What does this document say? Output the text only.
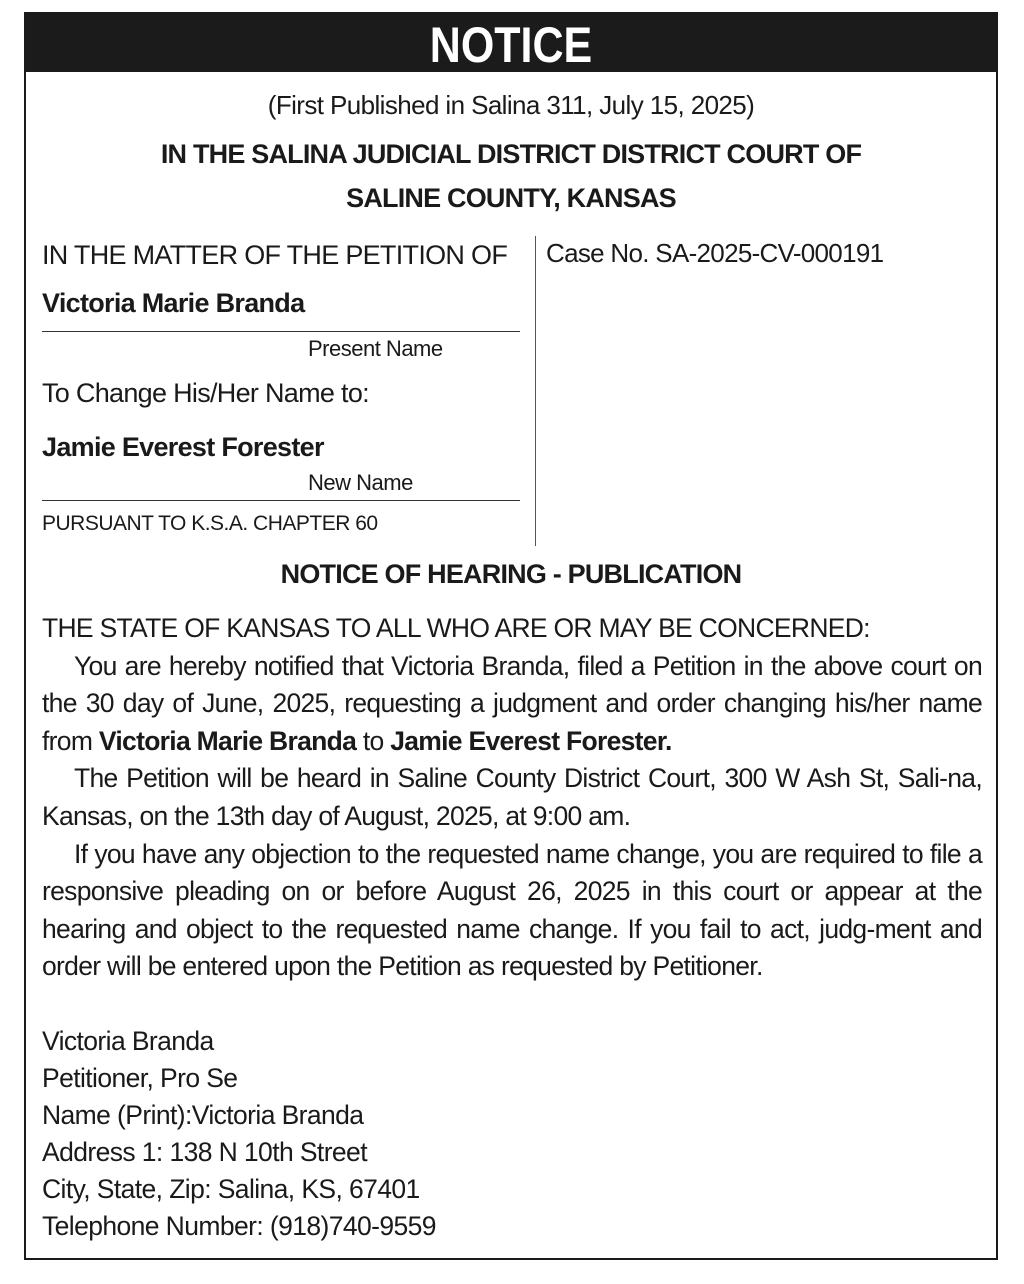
NOTICE
(First Published in Salina 311, July 15, 2025)
IN THE SALINA JUDICIAL DISTRICT DISTRICT COURT OF
SALINE COUNTY, KANSAS
IN THE MATTER OF THE PETITION OF
Victoria Marie Branda
Present Name
To Change His/Her Name to:
Jamie Everest Forester
New Name
PURSUANT TO K.S.A. CHAPTER 60
Case No. SA-2025-CV-000191
NOTICE OF HEARING - PUBLICATION

THE STATE OF KANSAS TO ALL WHO ARE OR MAY BE CONCERNED:

You are hereby notified that Victoria Branda, filed a Petition in the above court on the 30 day of June, 2025, requesting a judgment and order changing his/her name from Victoria Marie Branda to Jamie Everest Forester.

The Petition will be heard in Saline County District Court, 300 W Ash St, Sali-na, Kansas, on the 13th day of August, 2025, at 9:00 am.

If you have any objection to the requested name change, you are required to file a responsive pleading on or before August 26, 2025 in this court or appear at the hearing and object to the requested name change. If you fail to act, judg-ment and order will be entered upon the Petition as requested by Petitioner.

Victoria Branda
Petitioner, Pro Se
Name (Print):Victoria Branda
Address 1: 138 N 10th Street
City, State, Zip: Salina, KS, 67401
Telephone Number: (918)740-9559
